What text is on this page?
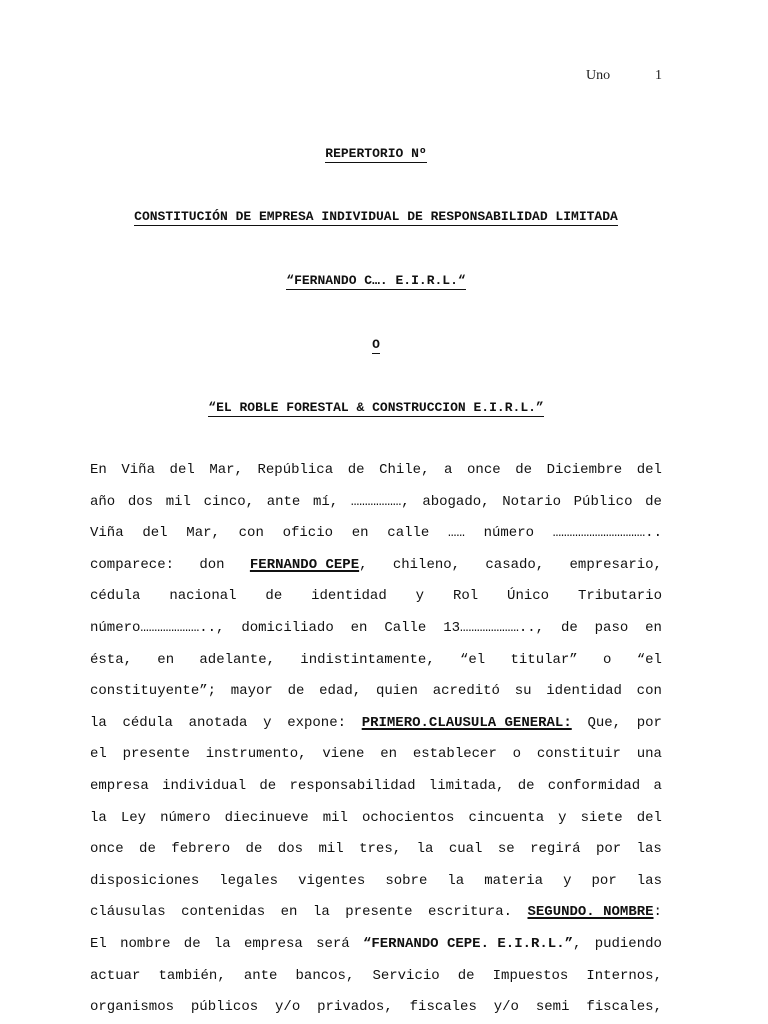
Uno	1
REPERTORIO Nº
CONSTITUCIÓN DE EMPRESA INDIVIDUAL DE RESPONSABILIDAD LIMITADA
“FERNANDO C…. E.I.R.L.“
O
“EL ROBLE FORESTAL & CONSTRUCCION E.I.R.L.”
En Viña del Mar, República de Chile, a once de Diciembre del
año dos mil cinco, ante mí, ………………, abogado, Notario Público de
Viña del Mar, con oficio en calle …… número ……………………………..
comparece: don FERNANDO CEPE, chileno, casado, empresario,
cédula nacional de identidad y Rol Único Tributario
número………………….., domiciliado en Calle 13………………….., de paso en
ésta, en adelante, indistintamente, “el titular” o “el
constituyente”; mayor de edad, quien acreditó su identidad con
la cédula anotada y expone: PRIMERO.CLAUSULA GENERAL: Que, por
el presente instrumento, viene en establecer o constituir una
empresa individual de responsabilidad limitada, de conformidad a
la Ley número diecinueve mil ochocientos cincuenta y siete del
once de febrero de dos mil tres, la cual se regirá por las
disposiciones legales vigentes sobre la materia y por las
cláusulas contenidas en la presente escritura. SEGUNDO. NOMBRE:
El nombre de la empresa será “FERNANDO CEPE. E.I.R.L.”, pudiendo
actuar también, ante bancos, Servicio de Impuestos Internos,
organismos públicos y/o privados, fiscales y/o semi fiscales,
